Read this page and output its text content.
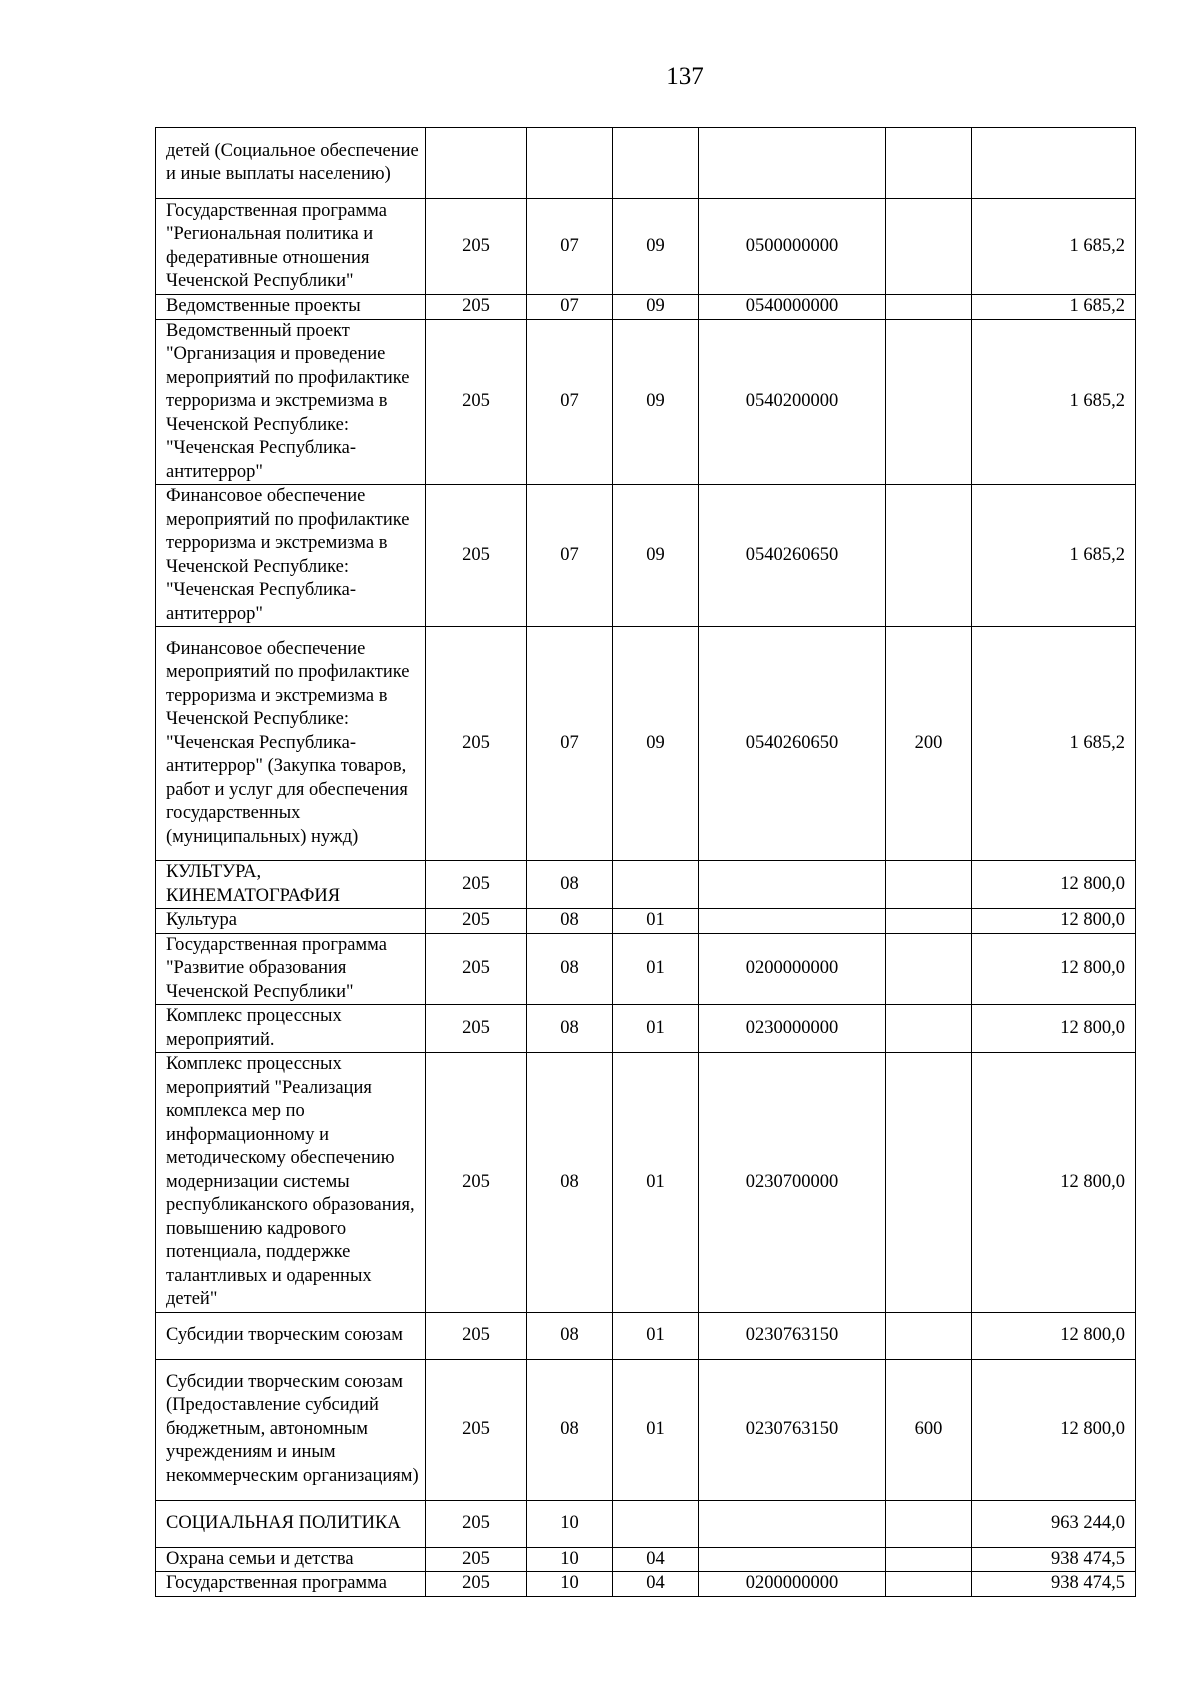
137
детей (Социальное обеспечение и иные выплаты населению)						
Государственная программа "Региональная политика и федеративные отношения Чеченской Республики"	205	07	09	0500000000		1 685,2
Ведомственные проекты	205	07	09	0540000000		1 685,2
Ведомственный проект "Организация и проведение мероприятий по профилактике терроризма и экстремизма в Чеченской Республике: "Чеченская Республика-антитеррор"	205	07	09	0540200000		1 685,2
Финансовое обеспечение мероприятий по профилактике терроризма и экстремизма в Чеченской Республике: "Чеченская Республика-антитеррор"	205	07	09	0540260650		1 685,2
Финансовое обеспечение мероприятий по профилактике терроризма и экстремизма в Чеченской Республике: "Чеченская Республика-антитеррор" (Закупка товаров, работ и услуг для обеспечения государственных (муниципальных) нужд)	205	07	09	0540260650	200	1 685,2
КУЛЬТУРА, КИНЕМАТОГРАФИЯ	205	08				12 800,0
Культура	205	08	01			12 800,0
Государственная программа "Развитие образования Чеченской Республики"	205	08	01	0200000000		12 800,0
Комплекс процессных мероприятий.	205	08	01	0230000000		12 800,0
Комплекс процессных мероприятий "Реализация комплекса мер по информационному и методическому обеспечению модернизации системы республиканского образования, повышению кадрового потенциала, поддержке талантливых и одаренных детей"	205	08	01	0230700000		12 800,0
Субсидии творческим союзам	205	08	01	0230763150		12 800,0
Субсидии творческим союзам (Предоставление субсидий бюджетным, автономным учреждениям и иным некоммерческим организациям)	205	08	01	0230763150	600	12 800,0
СОЦИАЛЬНАЯ ПОЛИТИКА	205	10				963 244,0
Охрана семьи и детства	205	10	04			938 474,5
Государственная программа	205	10	04	0200000000		938 474,5
